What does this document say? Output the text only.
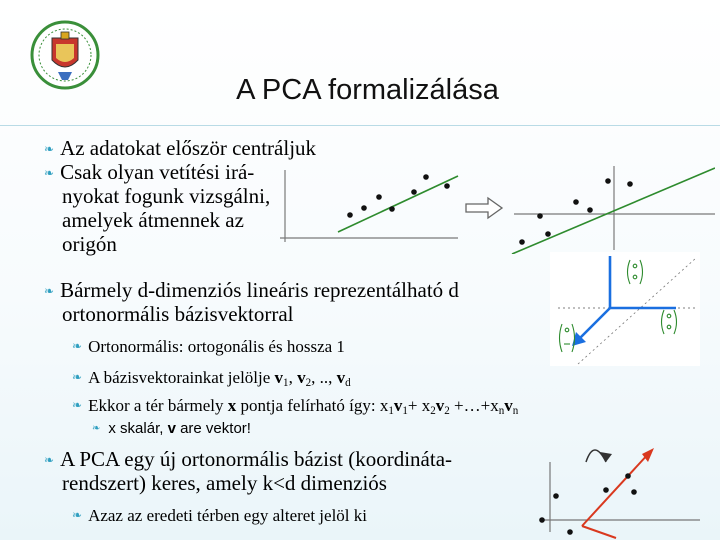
A PCA formalizálása
❧ Az adatokat először centráljuk
❧ Csak olyan vetítési irá-
nyokat fogunk vizsgálni,
amelyek átmennek az
origón
❧ Bármely d-dimenziós lineáris reprezentálható d
ortonormális bázisvektorral
❧ Ortonormális: ortogonális és hossza 1
❧ A bázisvektorainkat jelölje $v_1$, $v_2$, .., $v_d$
❧ Ekkor a tér bármely x pontja felírható így: $x_1v_1+ x_2v_2$ $+\dots+x_nv_n$
❧ x skalár, v are vektor!
❧ A PCA egy új ortonormális bázist (koordináta-
rendszert) keres, amely k<d dimenziós
❧ Azaz az eredeti térben egy alteret jelöl ki
